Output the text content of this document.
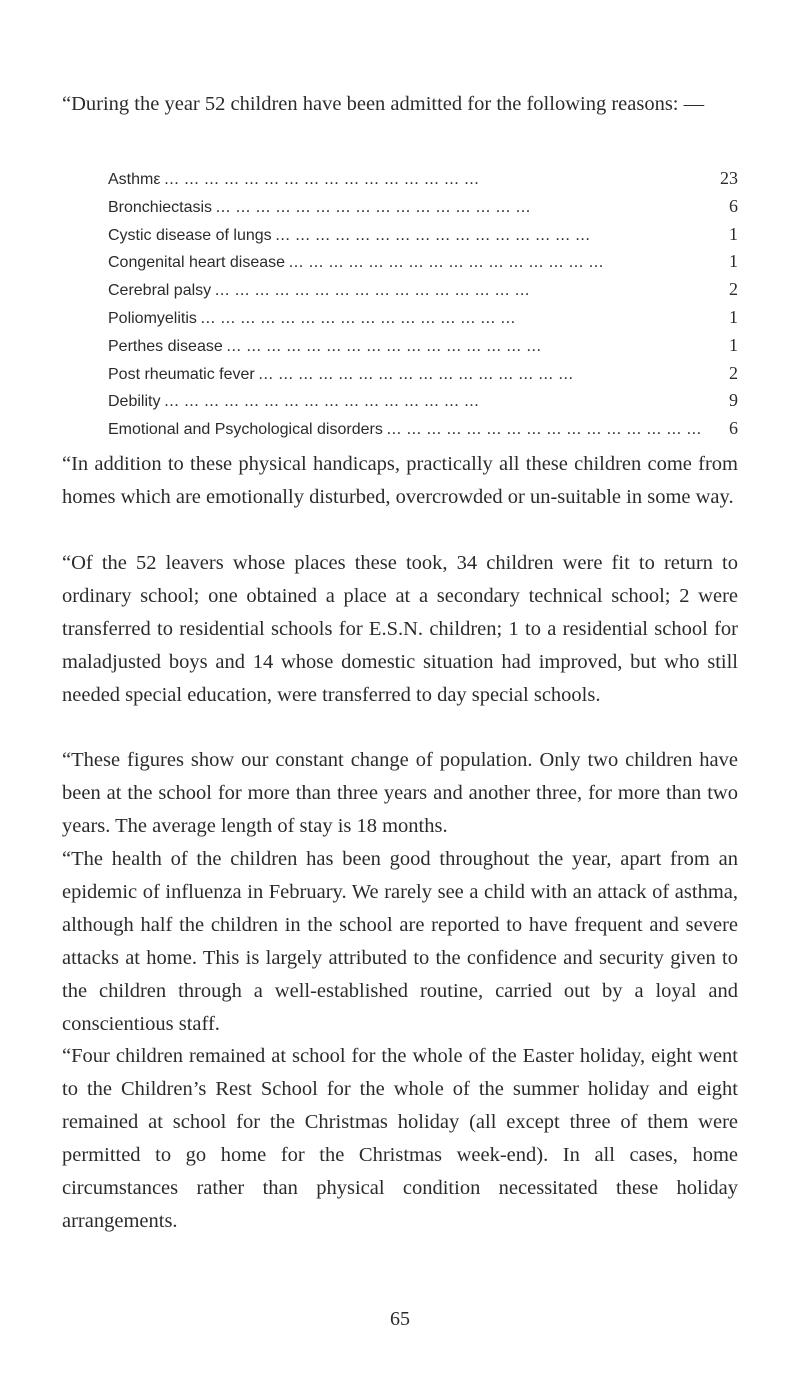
“During the year 52 children have been admitted for the following reasons: —

Asthmε ... ... ... ... ... ... ... ... ... ... ... ... ... ... ... ...	23
Bronchiectasis ... ... ... ... ... ... ... ... ... ... ... ... ... ... ... ...	6
Cystic disease of lungs ... ... ... ... ... ... ... ... ... ... ... ... ... ... ... ...	1
Congenital heart disease ... ... ... ... ... ... ... ... ... ... ... ... ... ... ... ...	1
Cerebral palsy ... ... ... ... ... ... ... ... ... ... ... ... ... ... ... ...	2
Poliomyelitis ... ... ... ... ... ... ... ... ... ... ... ... ... ... ... ...	1
Perthes disease ... ... ... ... ... ... ... ... ... ... ... ... ... ... ... ...	1
Post rheumatic fever ... ... ... ... ... ... ... ... ... ... ... ... ... ... ... ...	2
Debility ... ... ... ... ... ... ... ... ... ... ... ... ... ... ... ...	9
Emotional and Psychological disorders ... ... ... ... ... ... ... ... ... ... ... ... ... ... ... ...	6

“In addition to these physical handicaps, practically all these children come from homes which are emotionally disturbed, overcrowded or un-suitable in some way.

“Of the 52 leavers whose places these took, 34 children were fit to return to ordinary school; one obtained a place at a secondary technical school; 2 were transferred to residential schools for E.S.N. children; 1 to a residential school for maladjusted boys and 14 whose domestic situation had improved, but who still needed special education, were transferred to day special schools.

“These figures show our constant change of population. Only two children have been at the school for more than three years and another three, for more than two years. The average length of stay is 18 months.

“The health of the children has been good throughout the year, apart from an epidemic of influenza in February. We rarely see a child with an attack of asthma, although half the children in the school are reported to have frequent and severe attacks at home. This is largely attributed to the confidence and security given to the children through a well-established routine, carried out by a loyal and conscientious staff.

“Four children remained at school for the whole of the Easter holiday, eight went to the Children’s Rest School for the whole of the summer holiday and eight remained at school for the Christmas holiday (all except three of them were permitted to go home for the Christmas week-end). In all cases, home circumstances rather than physical condition necessitated these holiday arrangements.

65
